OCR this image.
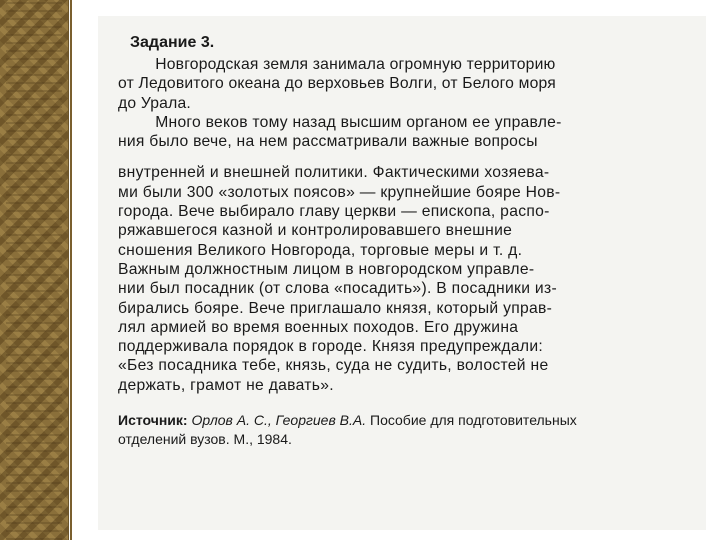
Задание 3.

Новгородская земля занимала огромную территорию
от Ледовитого океана до верховьев Волги, от Белого моря
до Урала.

Много веков тому назад высшим органом ее управле-
ния было вече, на нем рассматривали важные вопросы

внутренней и внешней политики. Фактическими хозяева-
ми были 300 «золотых поясов» — крупнейшие бояре Нов-
города. Вече выбирало главу церкви — епископа, распо-
ряжавшегося казной и контролировавшего внешние
сношения Великого Новгорода, торговые меры и т. д.
Важным должностным лицом в новгородском управле-
нии был посадник (от слова «посадить»). В посадники из-
бирались бояре. Вече приглашало князя, который управ-
лял армией во время военных походов. Его дружина
поддерживала порядок в городе. Князя предупреждали:
«Без посадника тебе, князь, суда не судить, волостей не
держать, грамот не давать».

Источник: Орлов А. С., Георгиев В.А. Пособие для подготовительных
отделений вузов. М., 1984.
